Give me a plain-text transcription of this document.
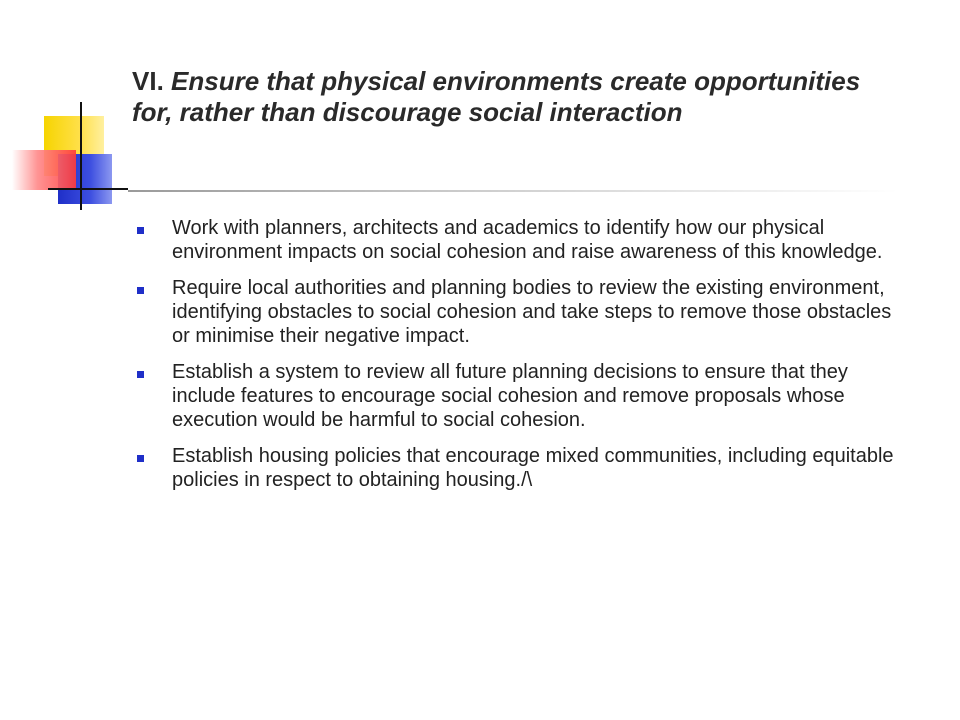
VI. Ensure that physical environments create opportunities for, rather than discourage social interaction
Work with planners, architects and academics to identify how our physical environment impacts on social cohesion and raise awareness of this knowledge.
Require local authorities and planning bodies to review the existing environment, identifying obstacles to social cohesion and take steps to remove those obstacles or minimise their negative impact.
Establish a system to review all future planning decisions to ensure that they include features to encourage social cohesion and remove proposals whose execution would be harmful to social cohesion.
Establish housing policies that encourage mixed communities, including equitable policies in respect to obtaining housing./\
